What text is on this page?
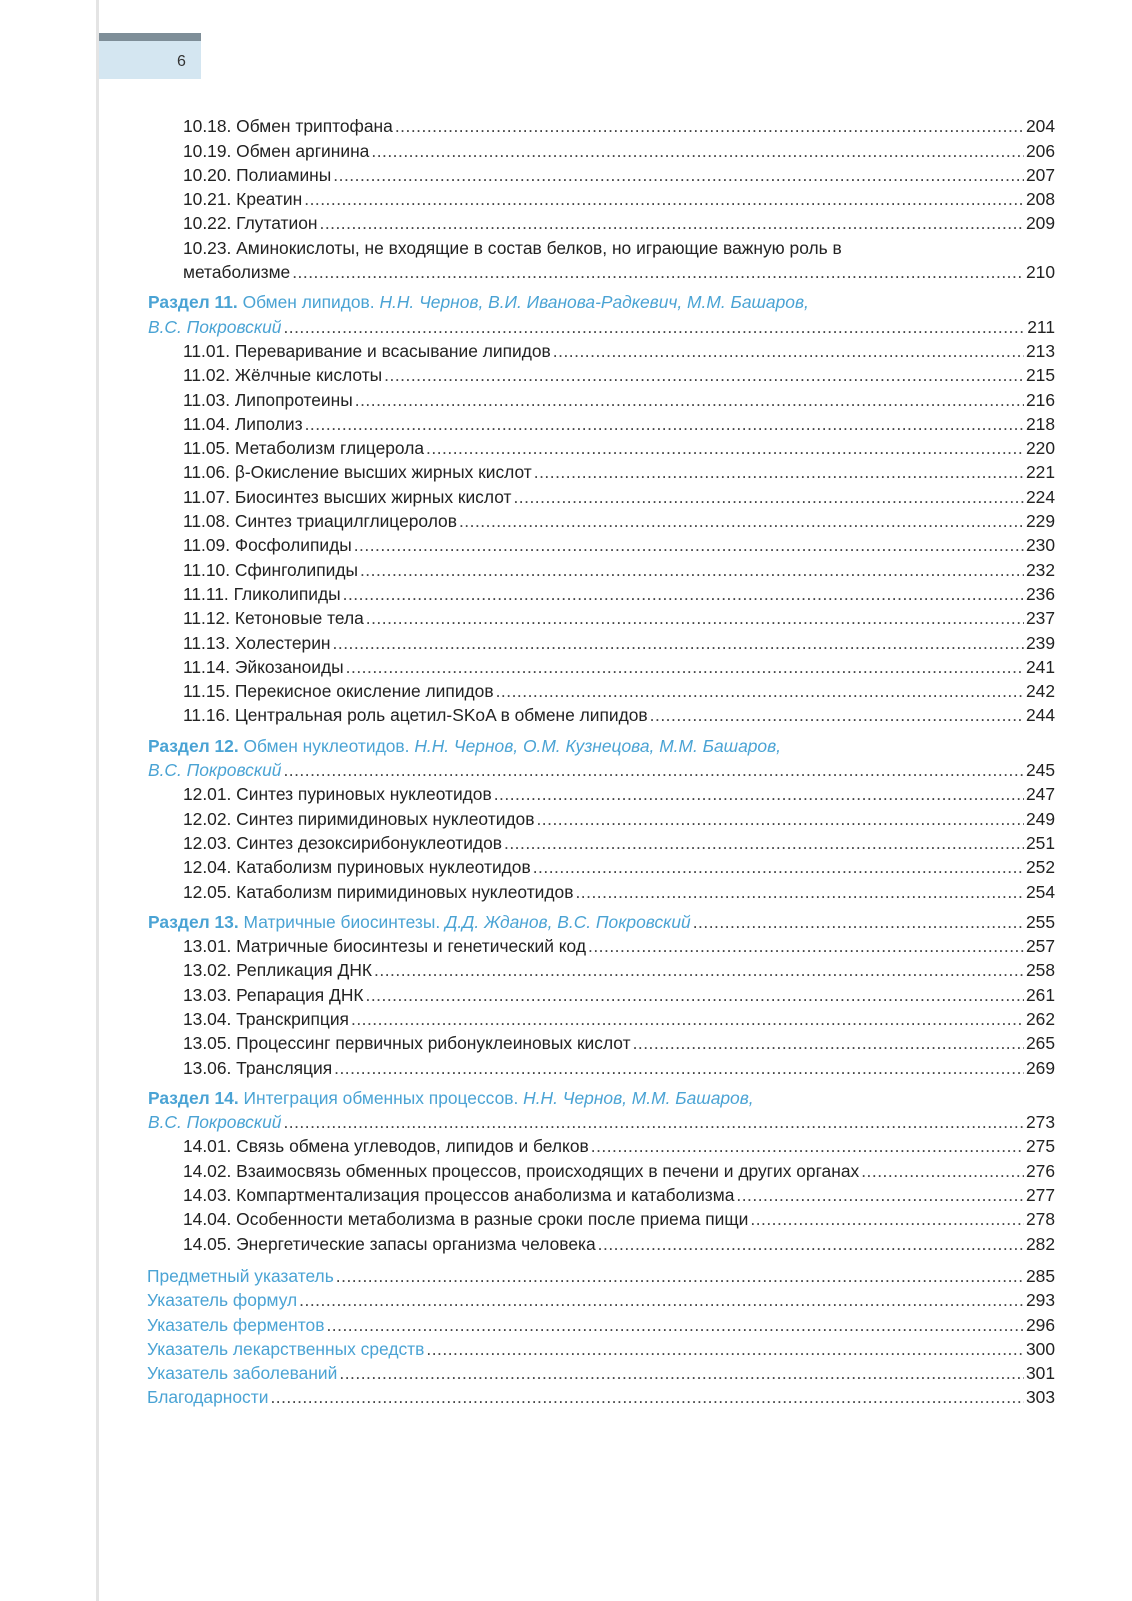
6
10.18. Обмен триптофана .....	204
10.19. Обмен аргинина .....	206
10.20. Полиамины .....	207
10.21. Креатин .....	208
10.22. Глутатион .....	209
10.23. Аминокислоты, не входящие в состав белков, но играющие важную роль в
метаболизме .....	210
Раздел 11. Обмен липидов. Н.Н. Чернов, В.И. Иванова-Радкевич, М.М. Башаров,
В.С. Покровский .....	211
11.01. Переваривание и всасывание липидов .....	213
11.02. Жёлчные кислоты .....	215
11.03. Липопротеины .....	216
11.04. Липолиз .....	218
11.05. Метаболизм глицерола .....	220
11.06. β-Окисление высших жирных кислот .....	221
11.07. Биосинтез высших жирных кислот .....	224
11.08. Синтез триацилглицеролов .....	229
11.09. Фосфолипиды .....	230
11.10. Сфинголипиды .....	232
11.11. Гликолипиды .....	236
11.12. Кетоновые тела .....	237
11.13. Холестерин .....	239
11.14. Эйкозаноиды .....	241
11.15. Перекисное окисление липидов .....	242
11.16. Центральная роль ацетил-SKoA в обмене липидов .....	244
Раздел 12. Обмен нуклеотидов. Н.Н. Чернов, О.М. Кузнецова, М.М. Башаров,
В.С. Покровский .....	245
12.01. Синтез пуриновых нуклеотидов .....	247
12.02. Синтез пиримидиновых нуклеотидов .....	249
12.03. Синтез дезоксирибонуклеотидов .....	251
12.04. Катаболизм пуриновых нуклеотидов .....	252
12.05. Катаболизм пиримидиновых нуклеотидов .....	254
Раздел 13. Матричные биосинтезы. Д.Д. Жданов, В.С. Покровский .....	255
13.01. Матричные биосинтезы и генетический код .....	257
13.02. Репликация ДНК .....	258
13.03. Репарация ДНК .....	261
13.04. Транскрипция .....	262
13.05. Процессинг первичных рибонуклеиновых кислот .....	265
13.06. Трансляция .....	269
Раздел 14. Интеграция обменных процессов. Н.Н. Чернов, М.М. Башаров,
В.С. Покровский .....	273
14.01. Связь обмена углеводов, липидов и белков .....	275
14.02. Взаимосвязь обменных процессов, происходящих в печени и других органах .....	276
14.03. Компартментализация процессов анаболизма и катаболизма .....	277
14.04. Особенности метаболизма в разные сроки после приема пищи .....	278
14.05. Энергетические запасы организма человека .....	282
Предметный указатель .....	285
Указатель формул .....	293
Указатель ферментов .....	296
Указатель лекарственных средств .....	300
Указатель заболеваний .....	301
Благодарности .....	303
